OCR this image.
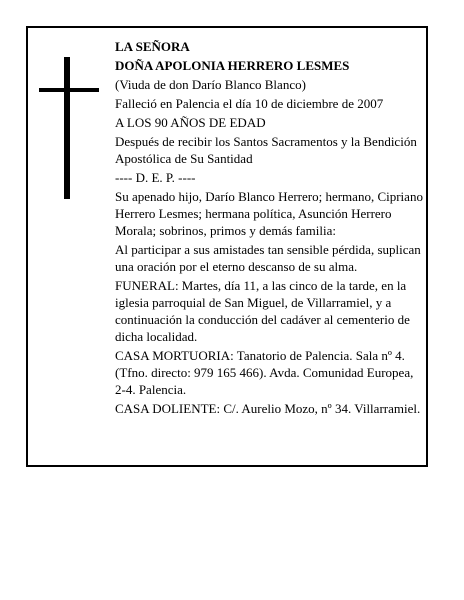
LA SEÑORA

DOÑA APOLONIA HERRERO LESMES

(Viuda de don Darío Blanco Blanco)

Falleció en Palencia el día 10 de diciembre de 2007

A LOS 90 AÑOS DE EDAD

Después de recibir los Santos Sacramentos y la Bendición Apostólica de Su Santidad

---- D. E. P. ----

Su apenado hijo, Darío Blanco Herrero; hermano, Cipriano Herrero Lesmes; hermana política, Asunción Herrero Morala; sobrinos, primos y demás familia:

Al participar a sus amistades tan sensible pérdida, suplican una oración por el eterno descanso de su alma.

FUNERAL: Martes, día 11, a las cinco de la tarde, en la iglesia parroquial de San Miguel, de Villarramiel, y a continuación la conducción del cadáver al cementerio de dicha localidad.

CASA MORTUORIA: Tanatorio de Palencia. Sala nº 4. (Tfno. directo: 979 165 466). Avda. Comunidad Europea, 2-4. Palencia.

CASA DOLIENTE: C/. Aurelio Mozo, nº 34. Villarramiel.
